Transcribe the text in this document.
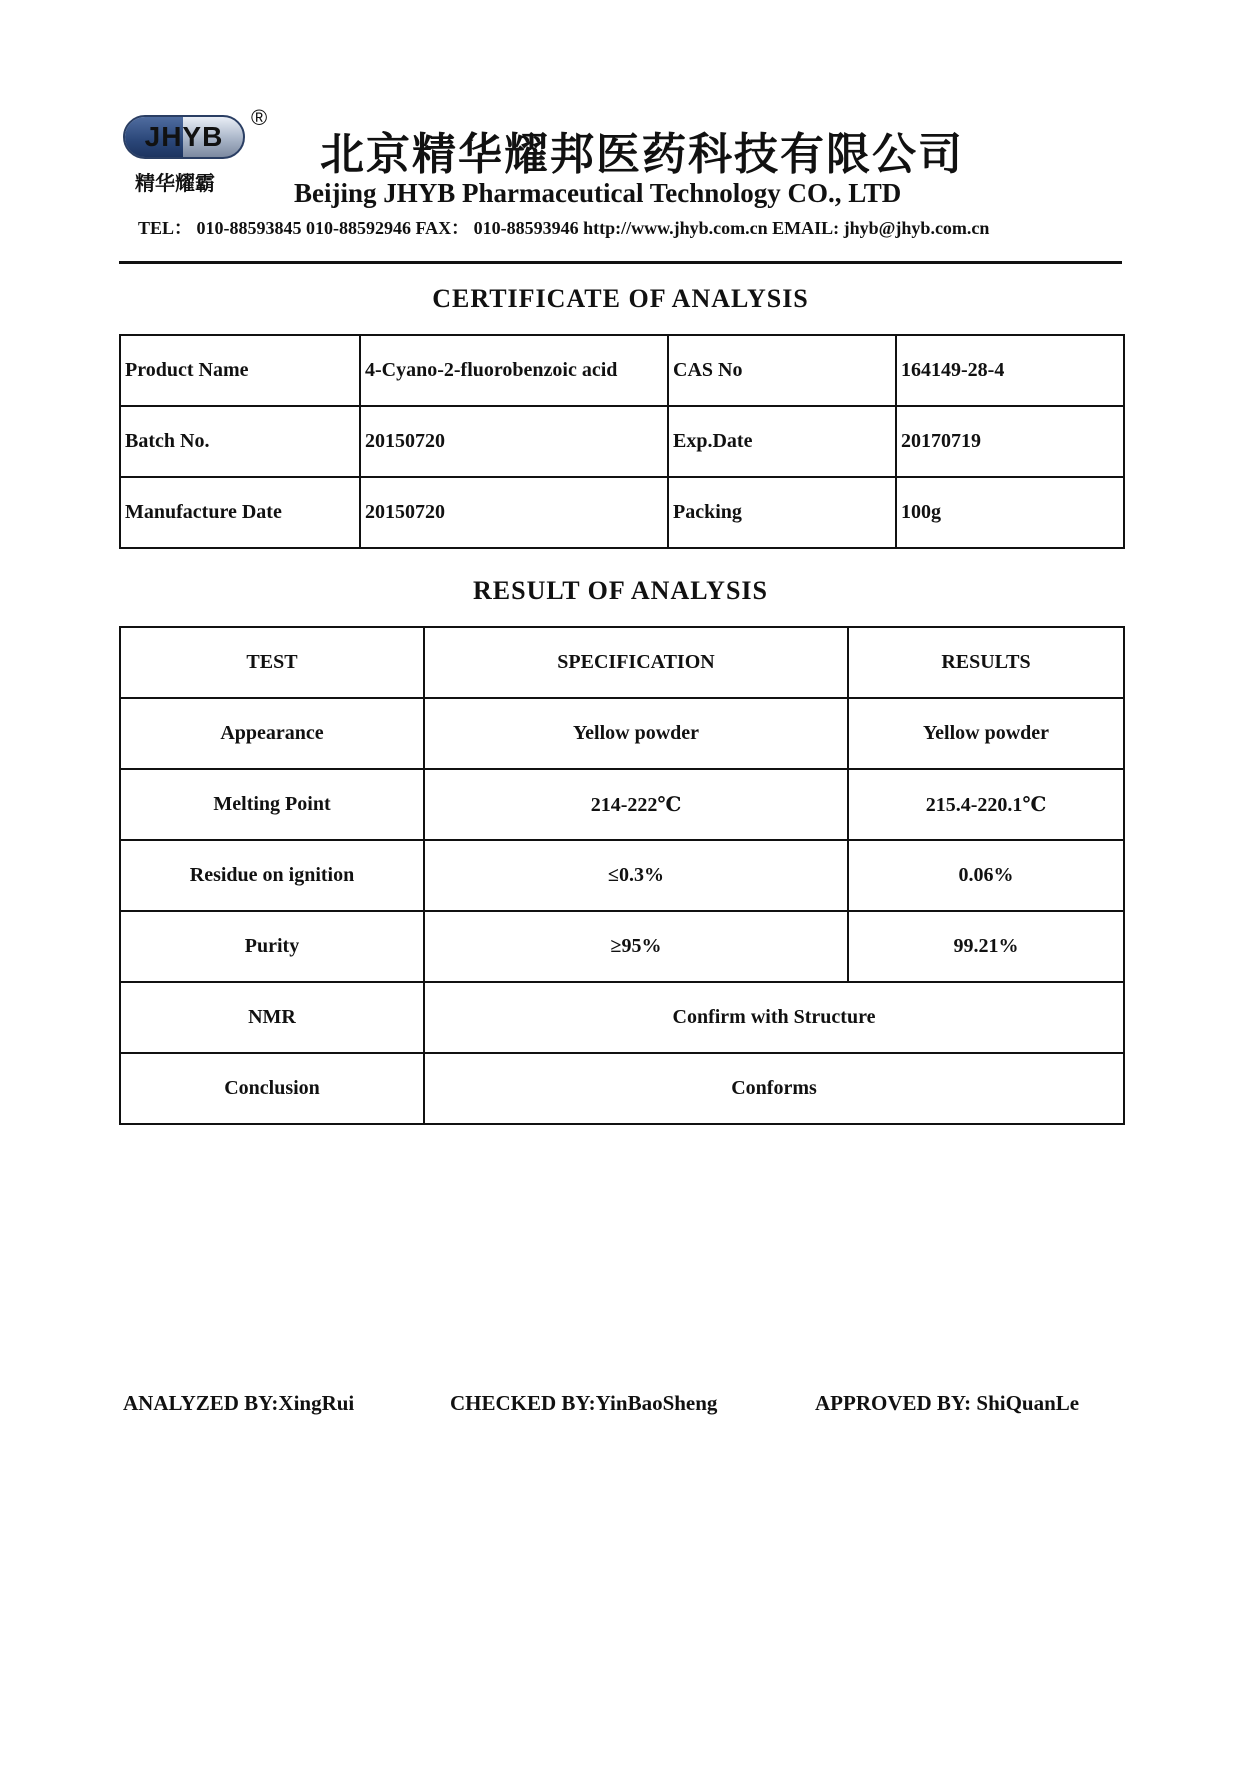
JHYB
®
精华耀霸
北京精华耀邦医药科技有限公司
Beijing JHYB Pharmaceutical Technology CO., LTD
TEL： 010-88593845 010-88592946 FAX： 010-88593946 http://www.jhyb.com.cn EMAIL: jhyb@jhyb.com.cn
CERTIFICATE OF ANALYSIS
Product Name	4-Cyano-2-fluorobenzoic acid	CAS No	164149-28-4
Batch No.	20150720	Exp.Date	20170719
Manufacture Date	20150720	Packing	100g
RESULT OF ANALYSIS
TEST	SPECIFICATION	RESULTS
Appearance	Yellow powder	Yellow powder
Melting Point	214-222℃	215.4-220.1℃
Residue on ignition	≤0.3%	0.06%
Purity	≥95%	99.21%
NMR	Confirm with Structure	
Conclusion	Conforms	
ANALYZED BY:XingRui	CHECKED BY:YinBaoSheng	APPROVED BY: ShiQuanLe
